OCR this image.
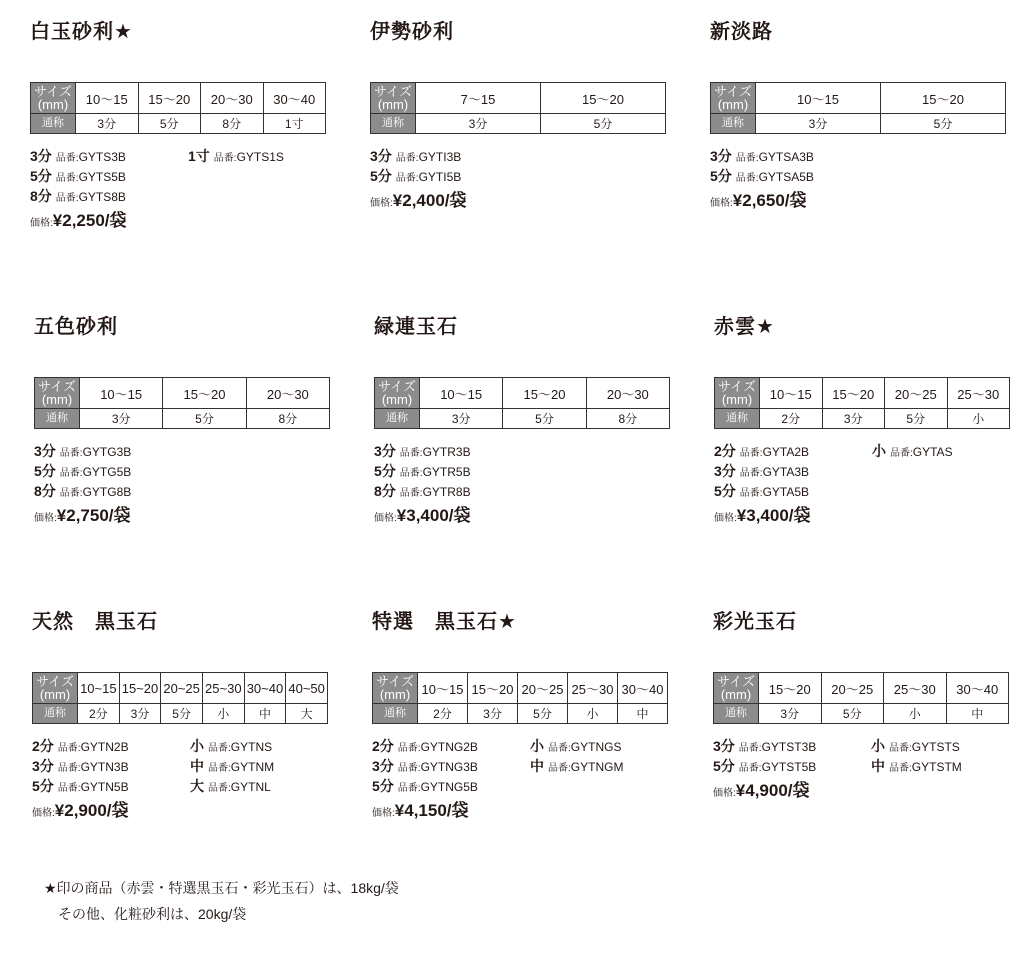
白玉砂利★
サイズ
(mm)	10〜15	15〜20	20〜30	30〜40
通称	3分	5分	8分	1寸
3分 品番:GYTS3B	1寸 品番:GYTS1S
5分 品番:GYTS5B
8分 品番:GYTS8B
価格:¥2,250/袋
伊勢砂利
サイズ
(mm)	7〜15	15〜20
通称	3分	5分
3分 品番:GYTI3B
5分 品番:GYTI5B
価格:¥2,400/袋
新淡路
サイズ
(mm)	10〜15	15〜20
通称	3分	5分
3分 品番:GYTSA3B
5分 品番:GYTSA5B
価格:¥2,650/袋
五色砂利
サイズ
(mm)	10〜15	15〜20	20〜30
通称	3分	5分	8分
3分 品番:GYTG3B
5分 品番:GYTG5B
8分 品番:GYTG8B
価格:¥2,750/袋
緑連玉石
サイズ
(mm)	10〜15	15〜20	20〜30
通称	3分	5分	8分
3分 品番:GYTR3B
5分 品番:GYTR5B
8分 品番:GYTR8B
価格:¥3,400/袋
赤雲★
サイズ
(mm)	10〜15	15〜20	20〜25	25〜30
通称	2分	3分	5分	小
2分 品番:GYTA2B	小 品番:GYTAS
3分 品番:GYTA3B
5分 品番:GYTA5B
価格:¥3,400/袋
天然　黒玉石
サイズ
(mm)	10~15	15~20	20~25	25~30	30~40	40~50
通称	2分	3分	5分	小	中	大
2分 品番:GYTN2B	小 品番:GYTNS
3分 品番:GYTN3B	中 品番:GYTNM
5分 品番:GYTN5B	大 品番:GYTNL
価格:¥2,900/袋
特選　黒玉石★
サイズ
(mm)	10〜15	15〜20	20〜25	25〜30	30〜40
通称	2分	3分	5分	小	中
2分 品番:GYTNG2B	小 品番:GYTNGS
3分 品番:GYTNG3B	中 品番:GYTNGM
5分 品番:GYTNG5B
価格:¥4,150/袋
彩光玉石
サイズ
(mm)	15〜20	20〜25	25〜30	30〜40
通称	3分	5分	小	中
3分 品番:GYTST3B	小 品番:GYTSTS
5分 品番:GYTST5B	中 品番:GYTSTM
価格:¥4,900/袋
★印の商品（赤雲・特選黒玉石・彩光玉石）は、18kg/袋
　その他、化粧砂利は、20kg/袋
